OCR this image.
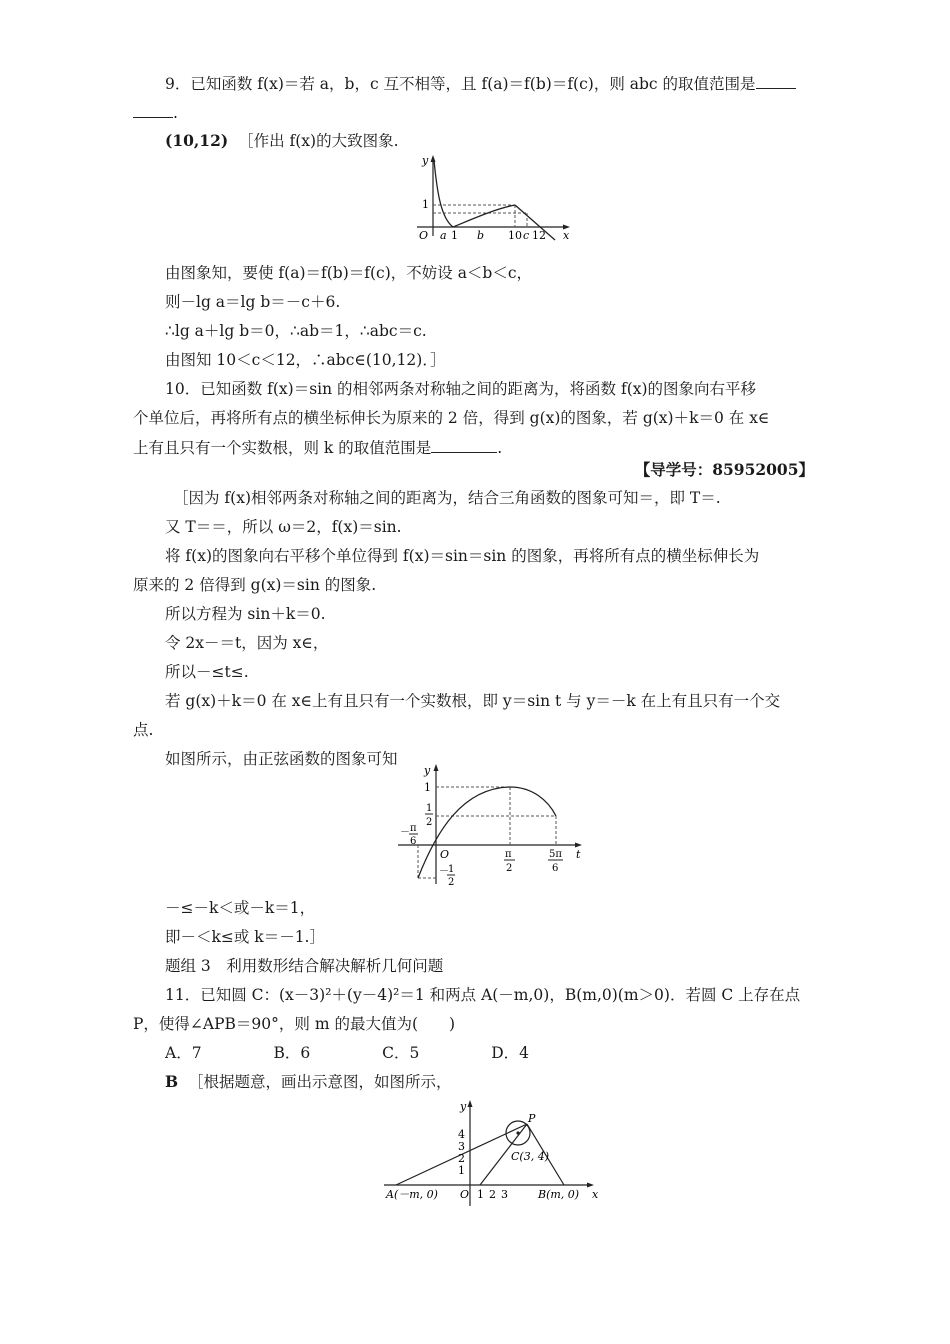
9．已知函数 f(x)＝若 a，b，c 互不相等，且 f(a)＝f(b)＝f(c)，则 abc 的取值范围是
.
(10,12) ［作出 f(x)的大致图象.
y
1
O a 1 b 10 c 12 x
由图象知，要使 f(a)＝f(b)＝f(c)，不妨设 a＜b＜c，
则－lg a＝lg b＝－c＋6.
∴lg a＋lg b＝0，∴ab＝1，∴abc＝c.
由图知 10＜c＜12，∴abc∈(10,12)．］
10．已知函数 f(x)＝sin 的相邻两条对称轴之间的距离为，将函数 f(x)的图象向右平移
个单位后，再将所有点的横坐标伸长为原来的 2 倍，得到 g(x)的图象，若 g(x)＋k＝0 在 x∈
上有且只有一个实数根，则 k 的取值范围是	.
【导学号：85952005】
［因为 f(x)相邻两条对称轴之间的距离为，结合三角函数的图象可知＝，即 T＝.
又 T＝＝，所以 ω＝2，f(x)＝sin.
将 f(x)的图象向右平移个单位得到 f(x)＝sin＝sin 的图象，再将所有点的横坐标伸长为
原来的 2 倍得到 g(x)＝sin 的图象.
所以方程为 sin＋k＝0.
令 2x－＝t，因为 x∈，
所以－≤t≤.
若 g(x)＋k＝0 在 x∈上有且只有一个实数根，即 y＝sin t 与 y＝－k 在上有且只有一个交
点.
如图所示，由正弦函数的图象可知
y
1
1
2
O
－ π
6
π
2
5π
6
t
－ 1
2
－≤－k＜或－k＝1，
即－＜k≤或 k＝－1.］
题组 3　利用数形结合解决解析几何问题
11．已知圆 C：(x－3)²＋(y－4)²＝1 和两点 A(－m,0)，B(m,0)(m＞0)．若圆 C 上存在点
P，使得∠APB＝90°，则 m 的最大值为(　　)
A．7	B．6	C．5	D．4
B ［根据题意，画出示意图，如图所示，
y
P
4
3
2
1
C(3, 4)
A(－m, 0) O 1 2 3	B(m, 0) x
